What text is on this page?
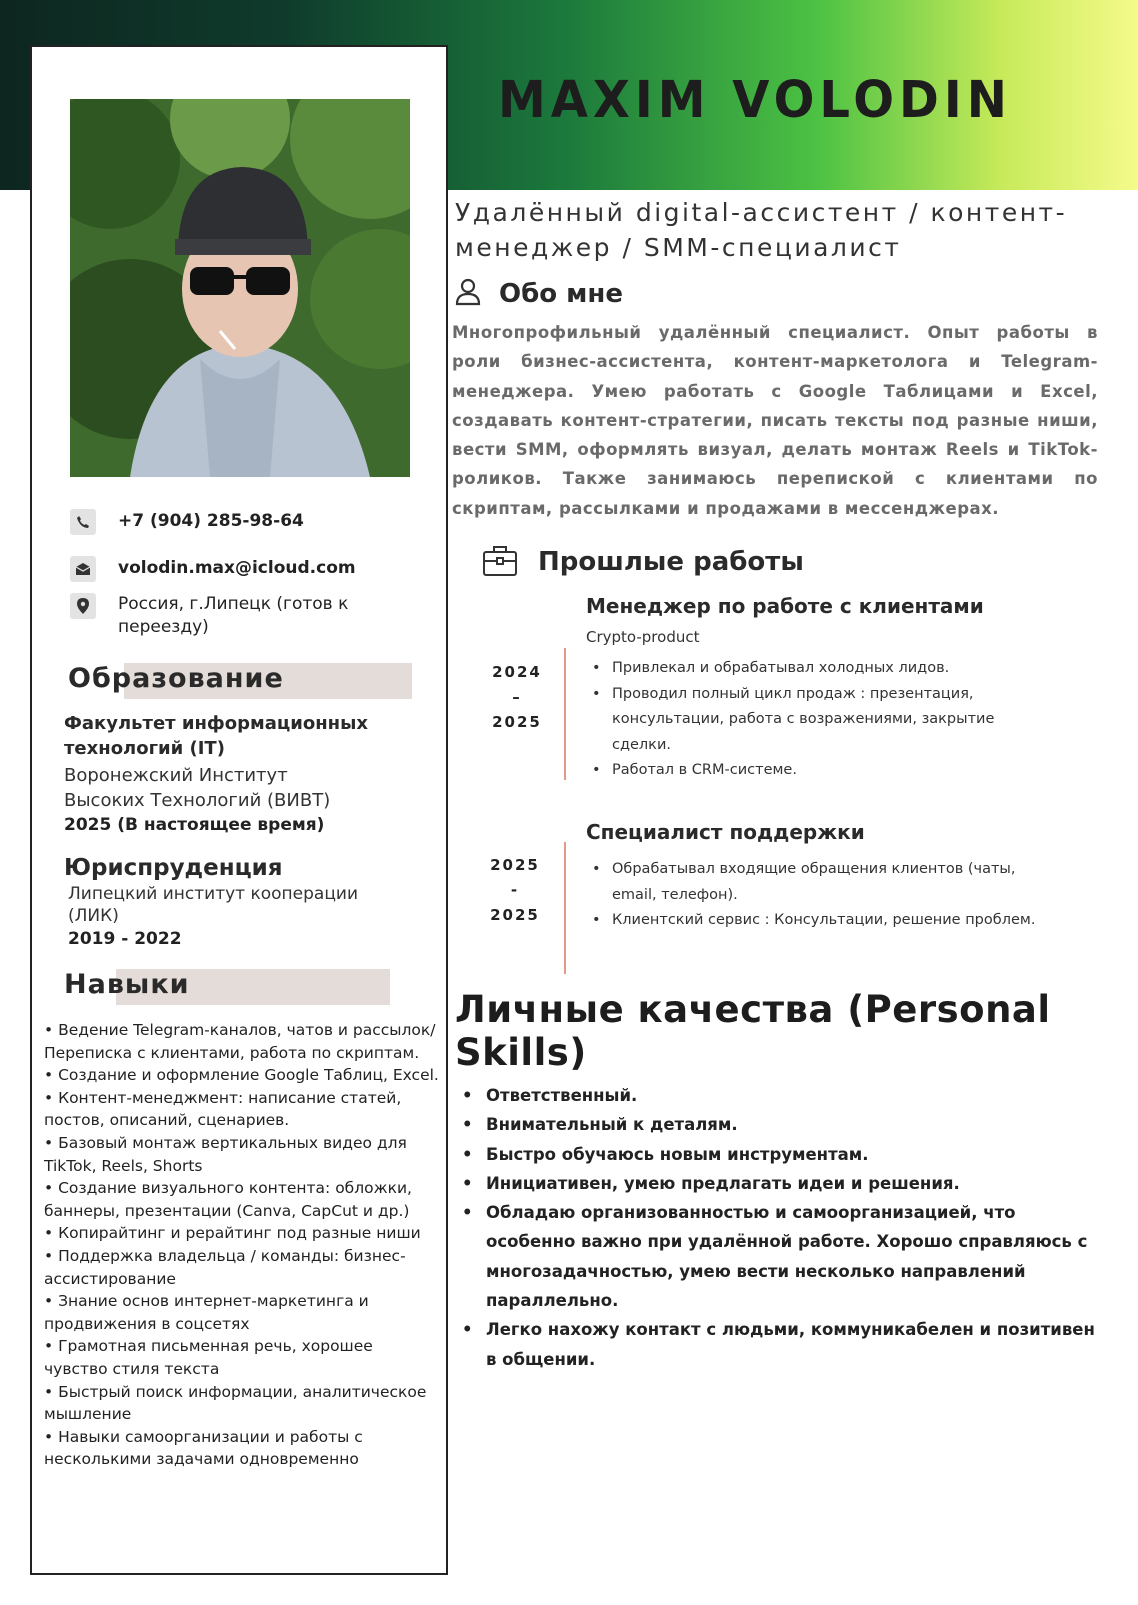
+7 (904) 285-98-64
volodin.max@icloud.com
Россия, г.Липецк (готов к переезду)
Образование
Факультет информационных технологий (IT)
Воронежский Институт Высоких Технологий (ВИВТ)
2025 (В настоящее время)
Юриспруденция
Липецкий институт кооперации (ЛИК)
2019 - 2022
Навыки
• Ведение Telegram-каналов, чатов и рассылок/Переписка с клиентами, работа по скриптам.
• Создание и оформление Google Таблиц, Excel.
• Контент-менеджмент: написание статей, постов, описаний, сценариев.
• Базовый монтаж вертикальных видео для TikTok, Reels, Shorts
• Создание визуального контента: обложки, баннеры, презентации (Canva, CapCut и др.)
• Копирайтинг и рерайтинг под разные ниши
• Поддержка владельца / команды: бизнес-ассистирование
• Знание основ интернет-маркетинга и продвижения в соцсетях
• Грамотная письменная речь, хорошее чувство стиля текста
• Быстрый поиск информации, аналитическое мышление
• Навыки самоорганизации и работы с несколькими задачами одновременно
MAXIM VOLODIN
Удалённый digital-ассистент / контент-менеджер / SMM-специалист
Обо мне
Многопрофильный удалённый специалист. Опыт работы в роли бизнес-ассистента, контент-маркетолога и Telegram-менеджера. Умею работать с Google Таблицами и Excel, создавать контент-стратегии, писать тексты под разные ниши, вести SMM, оформлять визуал, делать монтаж Reels и TikTok-роликов. Также занимаюсь перепиской с клиентами по скриптам, рассылками и продажами в мессенджерах.
Прошлые работы
Менеджер по работе с клиентами
Crypto-product
2024
–
2025
• Привлекал и обрабатывал холодных лидов.
• Проводил полный цикл продаж : презентация, консультации, работа с возражениями, закрытие сделки.
• Работал в CRM-системе.
Специалист поддержки
2025
-
2025
• Обрабатывал входящие обращения клиентов (чаты, email, телефон).
• Клиентский сервис : Консультации, решение проблем.
Личные качества (Personal Skills)
• Ответственный.
• Внимательный к деталям.
• Быстро обучаюсь новым инструментам.
• Инициативен, умею предлагать идеи и решения.
• Обладаю организованностью и самоорганизацией, что особенно важно при удалённой работе. Хорошо справляюсь с многозадачностью, умею вести несколько направлений параллельно.
• Легко нахожу контакт с людьми, коммуникабелен и позитивен в общении.
